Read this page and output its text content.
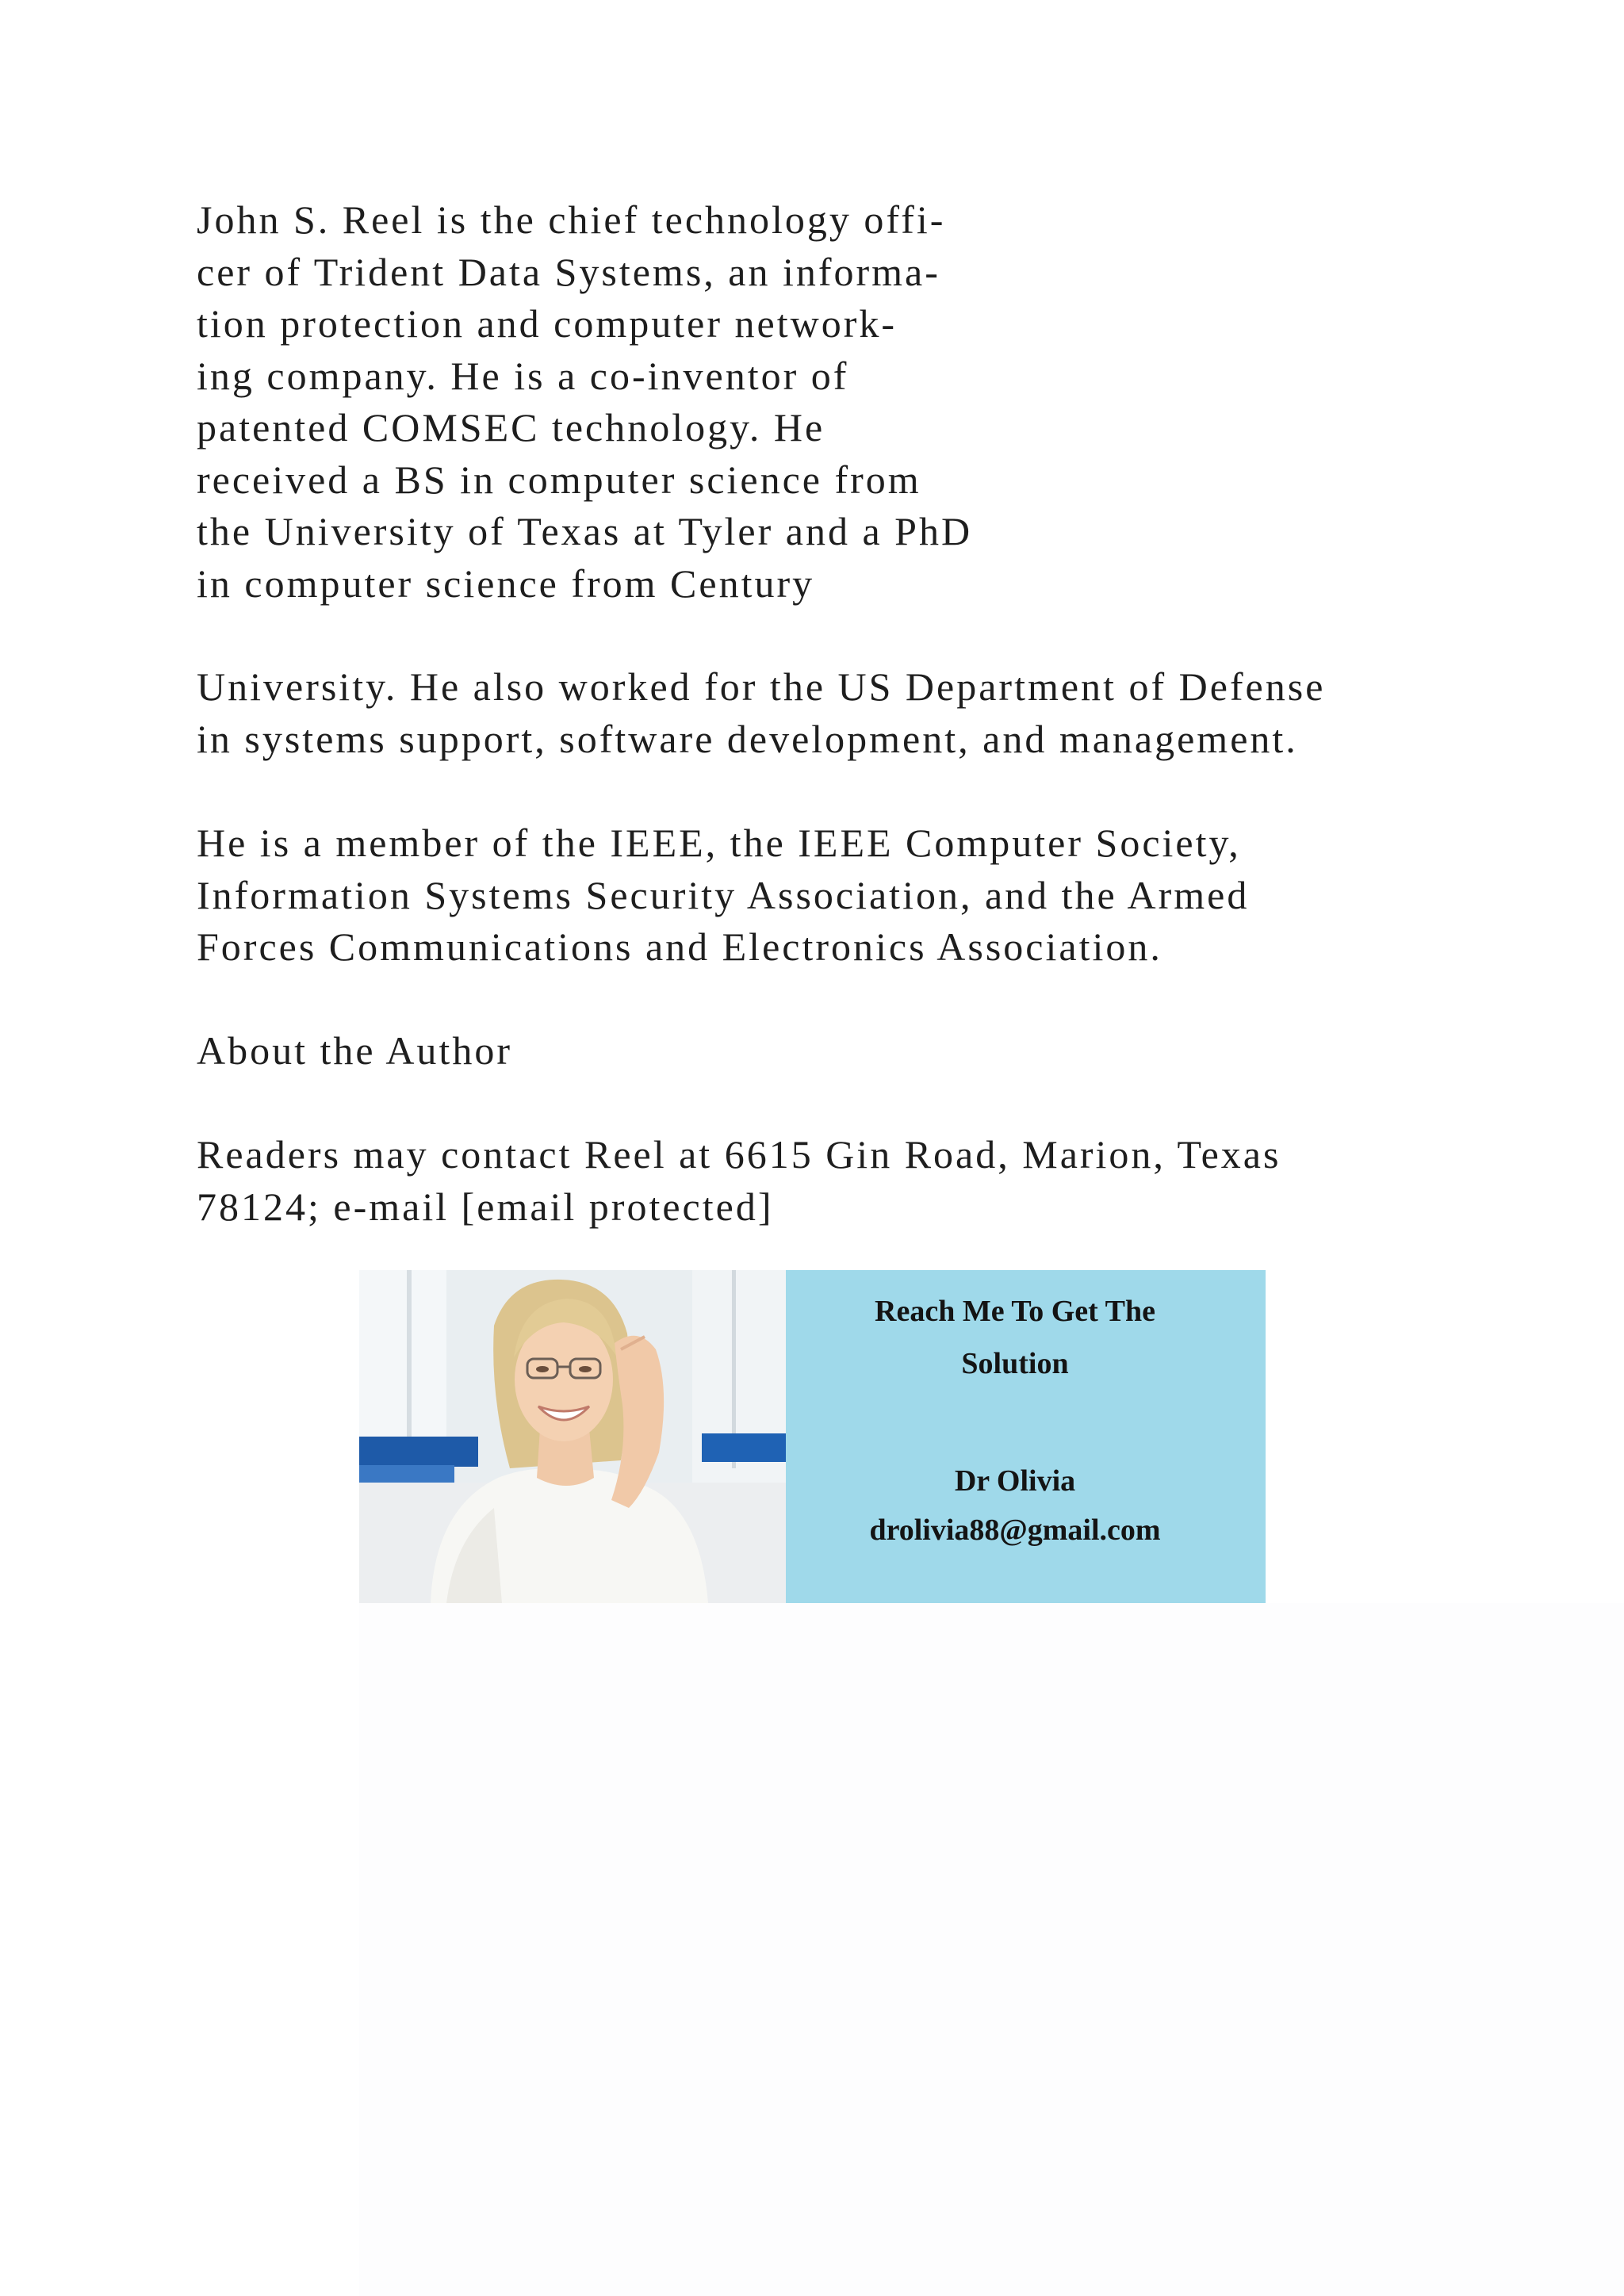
John S. Reel is the chief technology offi-
cer of Trident Data Systems, an informa-
tion protection and computer network-
ing company. He is a co-inventor of
patented COMSEC technology. He
received a BS in computer science from
the University of Texas at Tyler and a PhD
in computer science from Century
University. He also worked for the US Department of Defense
in systems support, software development, and management.
He is a member of the IEEE, the IEEE Computer Society,
Information Systems Security Association, and the Armed
Forces Communications and Electronics Association.
About the Author
Readers may contact Reel at 6615 Gin Road, Marion, Texas
78124; e-mail [email protected]
Reach Me To Get The
Solution
Dr Olivia
drolivia88@gmail.com
